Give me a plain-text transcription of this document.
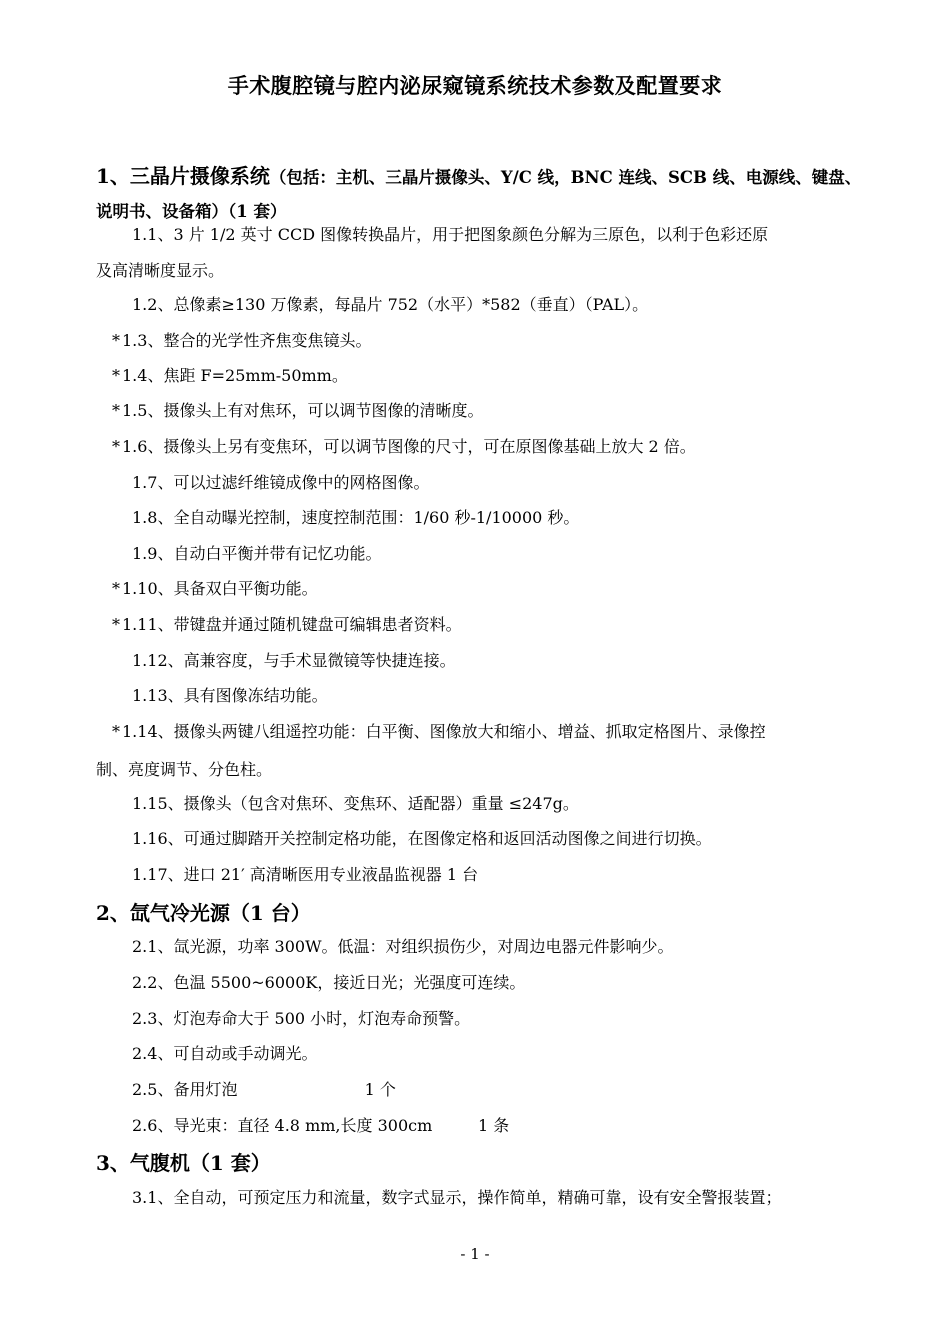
手术腹腔镜与腔内泌尿窥镜系统技术参数及配置要求
1、三晶片摄像系统（包括：主机、三晶片摄像头、Y/C 线，BNC 连线、SCB 线、电源线、键盘、
说明书、设备箱）（1 套）
1.1、3 片 1/2 英寸 CCD 图像转换晶片，用于把图象颜色分解为三原色，以利于色彩还原
及高清晰度显示。
1.2、总像素≥130 万像素，每晶片 752（水平）*582（垂直）（PAL）。
*1.3、整合的光学性齐焦变焦镜头。
*1.4、焦距 F=25mm-50mm。
*1.5、摄像头上有对焦环，可以调节图像的清晰度。
*1.6、摄像头上另有变焦环，可以调节图像的尺寸，可在原图像基础上放大 2 倍。
1.7、可以过滤纤维镜成像中的网格图像。
1.8、全自动曝光控制，速度控制范围：1/60 秒-1/10000 秒。
1.9、自动白平衡并带有记忆功能。
*1.10、具备双白平衡功能。
*1.11、带键盘并通过随机键盘可编辑患者资料。
1.12、高兼容度，与手术显微镜等快捷连接。
1.13、具有图像冻结功能。
*1.14、摄像头两键八组遥控功能：白平衡、图像放大和缩小、增益、抓取定格图片、录像控
制、亮度调节、分色柱。
1.15、摄像头（包含对焦环、变焦环、适配器）重量 ≤247g。
1.16、可通过脚踏开关控制定格功能，在图像定格和返回活动图像之间进行切换。
1.17、进口 21′ 高清晰医用专业液晶监视器 1 台
2、氙气冷光源（1 台）
2.1、氙光源，功率 300W。低温：对组织损伤少，对周边电器元件影响少。
2.2、色温 5500~6000K，接近日光；光强度可连续。
2.3、灯泡寿命大于 500 小时，灯泡寿命预警。
2.4、可自动或手动调光。
2.5、备用灯泡                         1 个
2.6、导光束：直径 4.8 mm,长度 300cm         1 条
3、气腹机（1 套）
3.1、全自动，可预定压力和流量，数字式显示，操作简单，精确可靠，设有安全警报装置；
- 1 -
